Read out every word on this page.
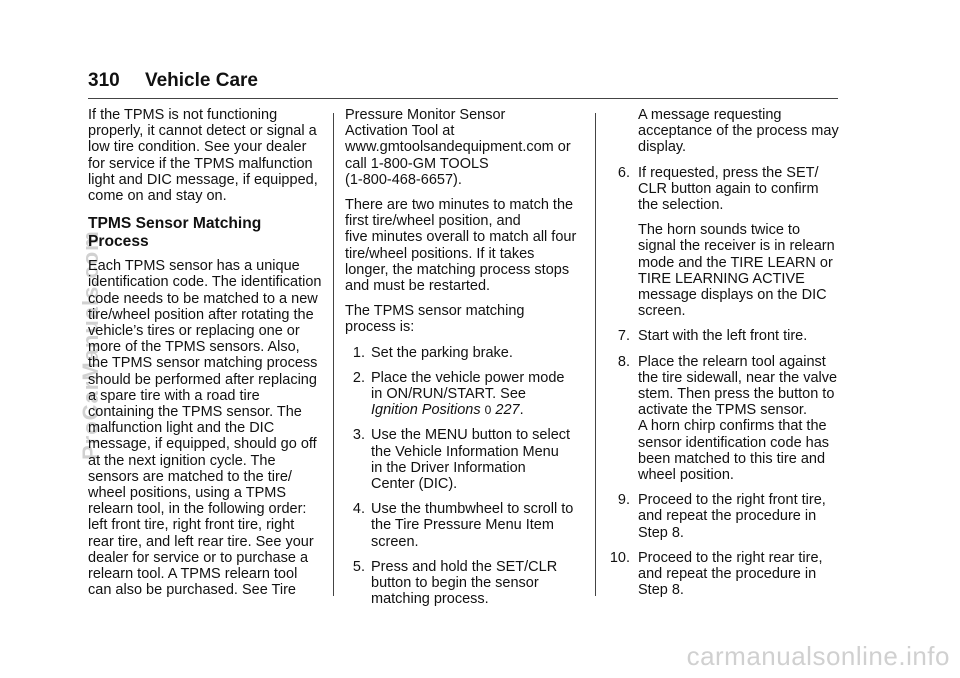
310 Vehicle Care
ProCarManuals.com
If the TPMS is not functioning
properly, it cannot detect or signal a
low tire condition. See your dealer
for service if the TPMS malfunction
light and DIC message, if equipped,
come on and stay on.
TPMS Sensor Matching
Process
Each TPMS sensor has a unique
identification code. The identification
code needs to be matched to a new
tire/wheel position after rotating the
vehicle’s tires or replacing one or
more of the TPMS sensors. Also,
the TPMS sensor matching process
should be performed after replacing
a spare tire with a road tire
containing the TPMS sensor. The
malfunction light and the DIC
message, if equipped, should go off
at the next ignition cycle. The
sensors are matched to the tire/
wheel positions, using a TPMS
relearn tool, in the following order:
left front tire, right front tire, right
rear tire, and left rear tire. See your
dealer for service or to purchase a
relearn tool. A TPMS relearn tool
can also be purchased. See Tire
Pressure Monitor Sensor
Activation Tool at
www.gmtoolsandequipment.com or
call 1-800-GM TOOLS
(1-800-468-6657).
There are two minutes to match the
first tire/wheel position, and
five minutes overall to match all four
tire/wheel positions. If it takes
longer, the matching process stops
and must be restarted.
The TPMS sensor matching
process is:
1. Set the parking brake.
2. Place the vehicle power mode
in ON/RUN/START. See
Ignition Positions 0 227.
3. Use the MENU button to select
the Vehicle Information Menu
in the Driver Information
Center (DIC).
4. Use the thumbwheel to scroll to
the Tire Pressure Menu Item
screen.
5. Press and hold the SET/CLR
button to begin the sensor
matching process.
A message requesting
acceptance of the process may
display.
6. If requested, press the SET/
CLR button again to confirm
the selection.
The horn sounds twice to
signal the receiver is in relearn
mode and the TIRE LEARN or
TIRE LEARNING ACTIVE
message displays on the DIC
screen.
7. Start with the left front tire.
8. Place the relearn tool against
the tire sidewall, near the valve
stem. Then press the button to
activate the TPMS sensor.
A horn chirp confirms that the
sensor identification code has
been matched to this tire and
wheel position.
9. Proceed to the right front tire,
and repeat the procedure in
Step 8.
10. Proceed to the right rear tire,
and repeat the procedure in
Step 8.
carmanualsonline.info
